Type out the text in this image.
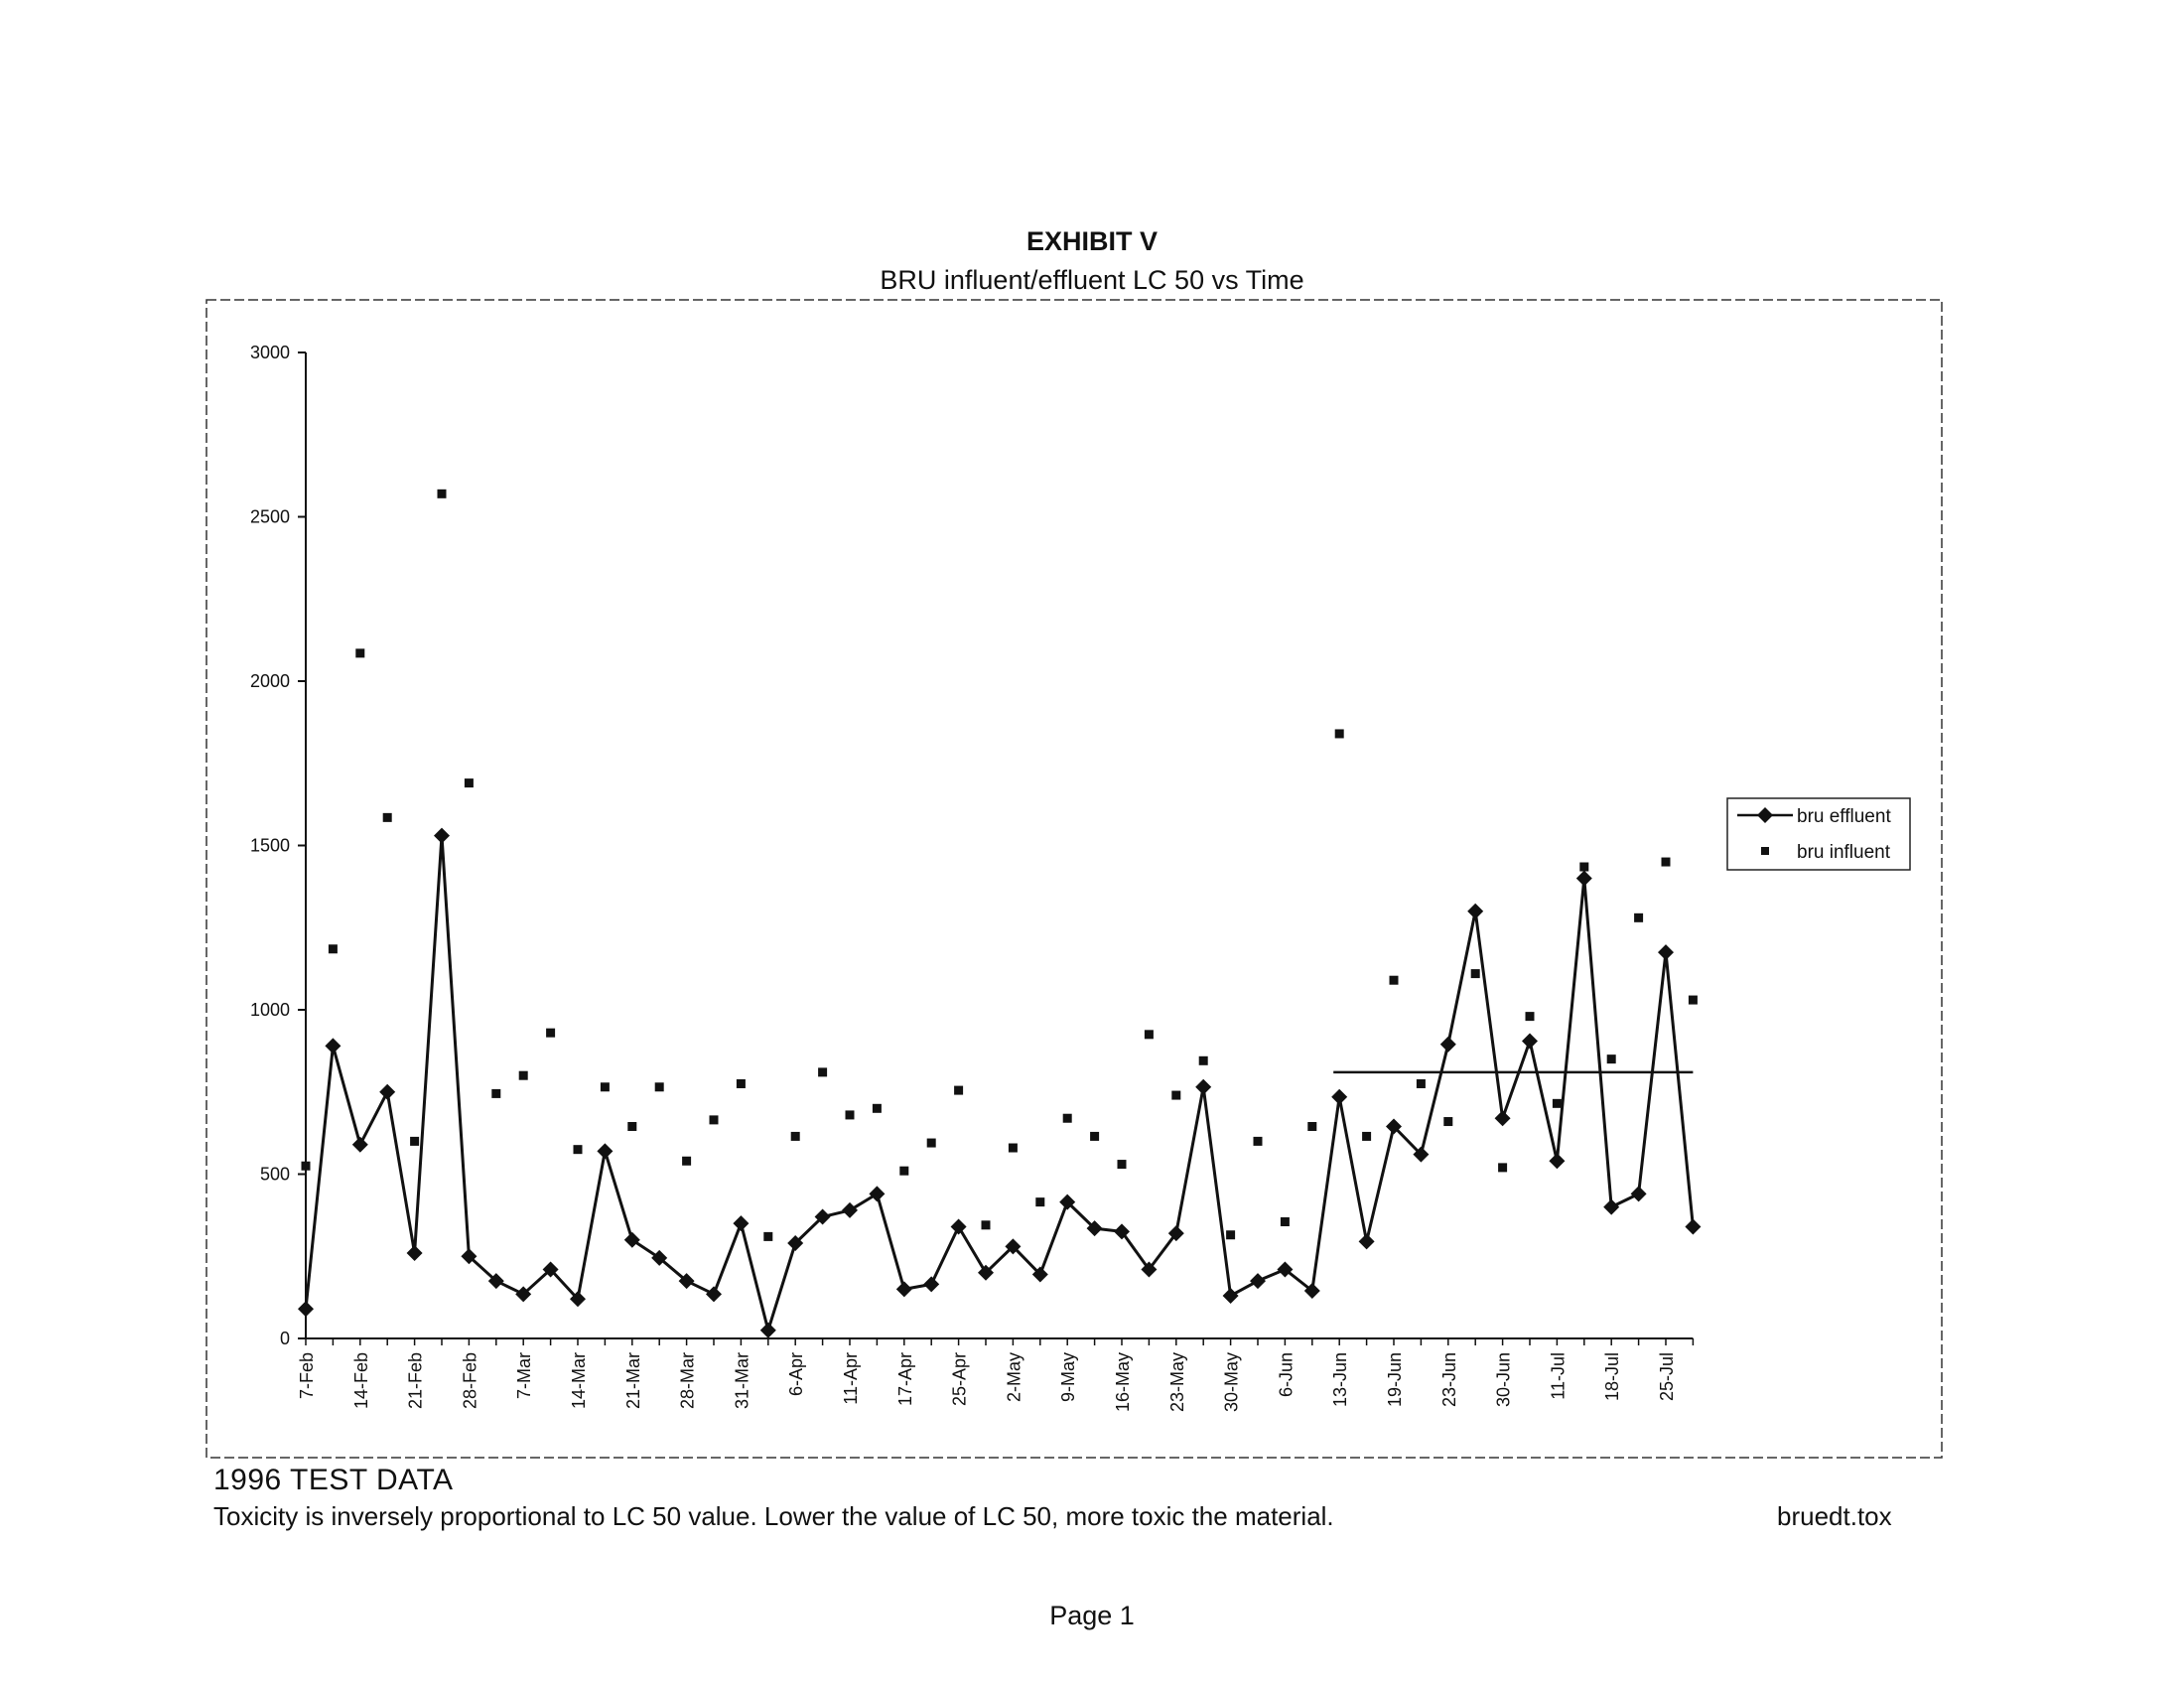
EXHIBIT V
BRU influent/effluent LC 50 vs Time
0
500
1000
1500
2000
2500
3000
7-Feb 14-Feb 21-Feb 28-Feb 7-Mar 14-Mar 21-Mar 28-Mar 31-Mar 6-Apr 11-Apr 17-Apr 25-Apr 2-May 9-May 16-May 23-May 30-May 6-Jun 13-Jun 19-Jun 23-Jun 30-Jun 11-Jul 18-Jul 25-Jul
bru effluent
bru influent
1996 TEST DATA
Toxicity is inversely proportional to LC 50 value. Lower the value of LC 50, more toxic the material.	bruedt.tox
Page 1
